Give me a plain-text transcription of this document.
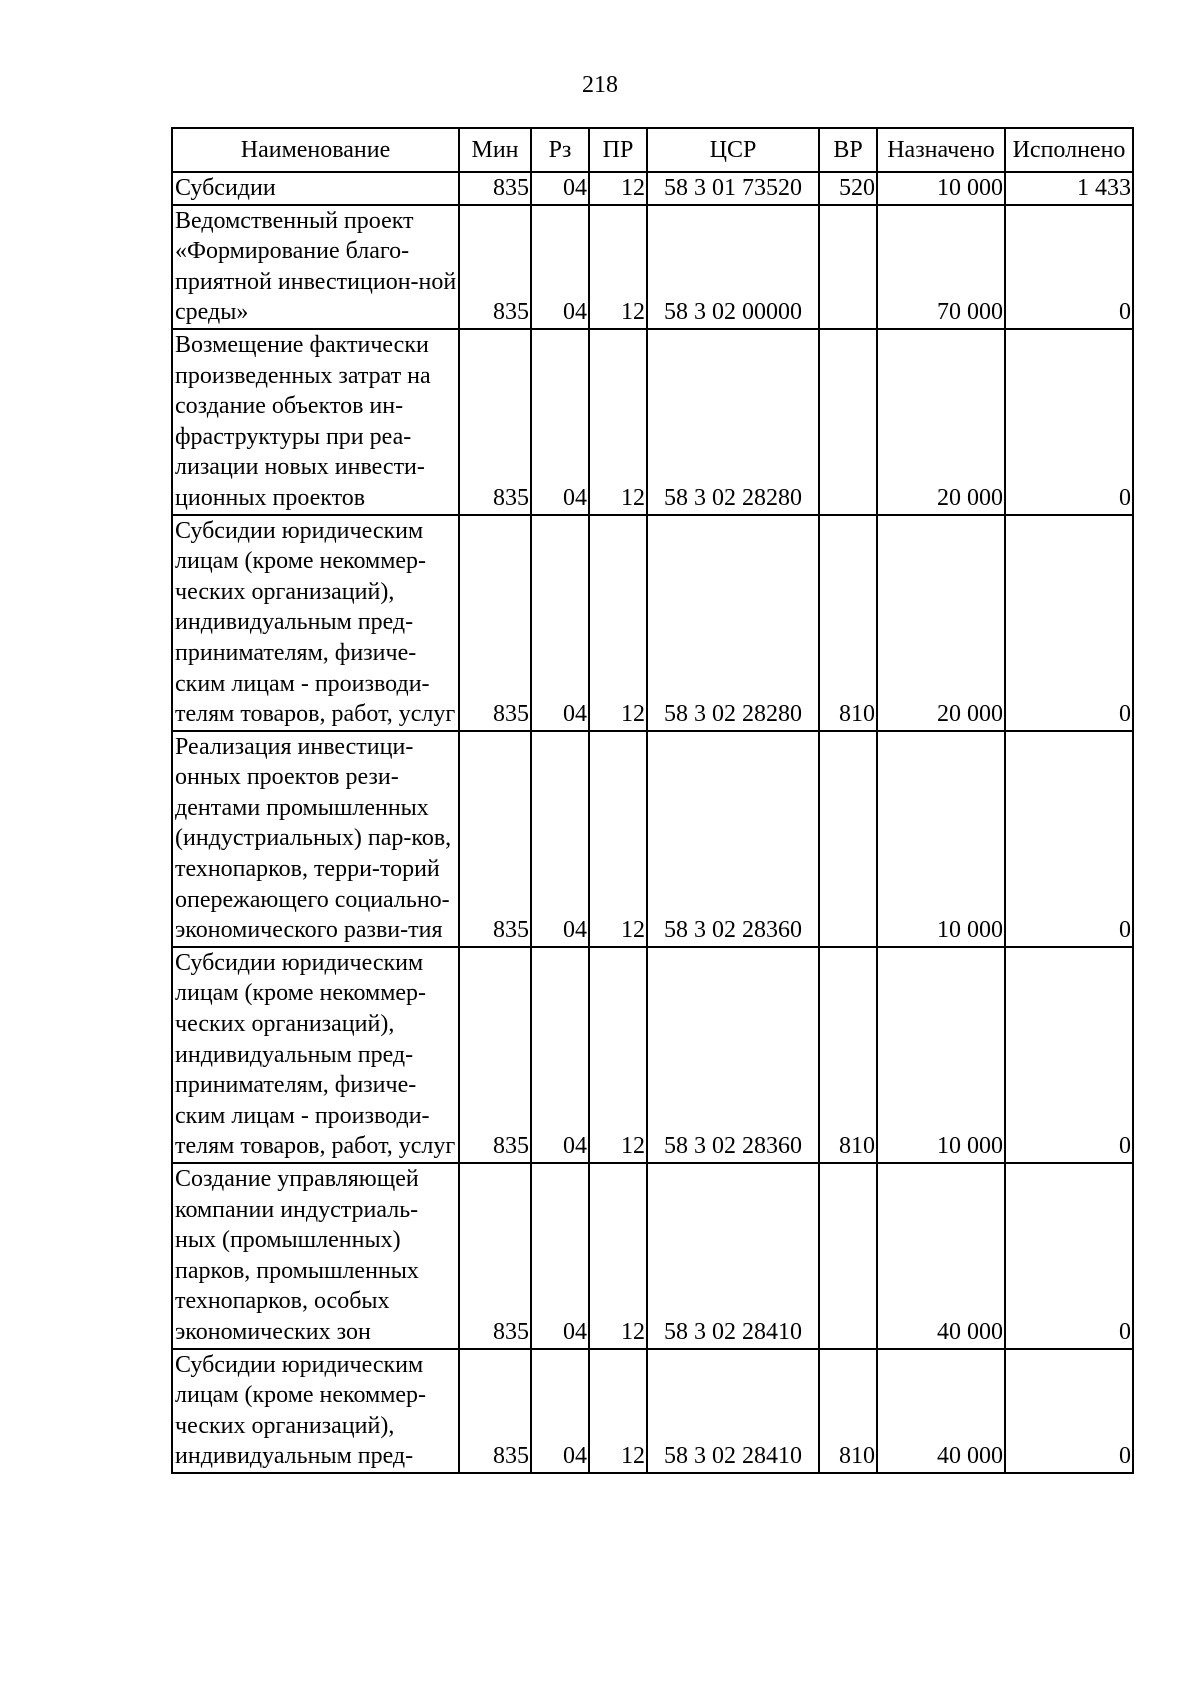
218
Наименование	Мин	Рз	ПР	ЦСР	ВР	Назначено	Исполнено
Субсидии	835	04	12	58 3 01 73520	520	10 000	1 433
Ведомственный проект «Формирование благо-приятной инвестицион-ной среды»	835	04	12	58 3 02 00000		70 000	0
Возмещение фактически произведенных затрат на создание объектов ин-фраструктуры при реа-лизации новых инвести-ционных проектов	835	04	12	58 3 02 28280		20 000	0
Субсидии юридическим лицам (кроме некоммер-ческих организаций), индивидуальным пред-принимателям, физиче-ским лицам - производи-телям товаров, работ, услуг	835	04	12	58 3 02 28280	810	20 000	0
Реализация инвестици-онных проектов рези-дентами промышленных (индустриальных) пар-ков, технопарков, терри-торий опережающего социально-экономического разви-тия	835	04	12	58 3 02 28360		10 000	0
Субсидии юридическим лицам (кроме некоммер-ческих организаций), индивидуальным пред-принимателям, физиче-ским лицам - производи-телям товаров, работ, услуг	835	04	12	58 3 02 28360	810	10 000	0
Создание управляющей компании индустриаль-ных (промышленных) парков, промышленных технопарков, особых экономических зон	835	04	12	58 3 02 28410		40 000	0
Субсидии юридическим лицам (кроме некоммер-ческих организаций), индивидуальным пред-	835	04	12	58 3 02 28410	810	40 000	0
